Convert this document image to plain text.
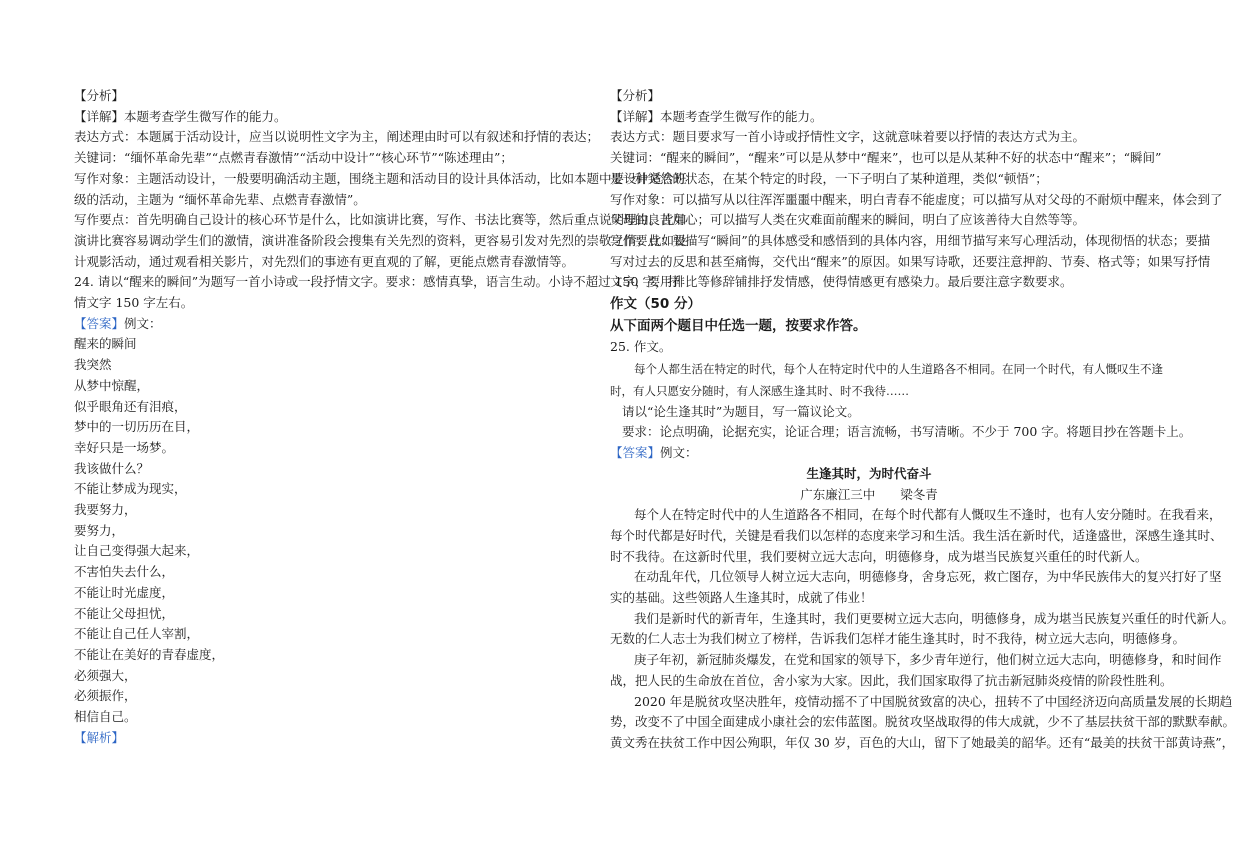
【分析】
【详解】本题考查学生微写作的能力。
表达方式：本题属于活动设计，应当以说明性文字为主，阐述理由时可以有叙述和抒情的表达；
关键词：“缅怀革命先辈”“点燃青春激情”“活动中设计”“核心环节”“陈述理由”；
写作对象：主题活动设计，一般要明确活动主题，围绕主题和活动目的设计具体活动，比如本题中要设计适合班
级的活动，主题为 “缅怀革命先辈、点燃青春激情”。
写作要点：首先明确自己设计的核心环节是什么，比如演讲比赛，写作、书法比赛等，然后重点说明理由。比如
演讲比赛容易调动学生们的激情，演讲准备阶段会搜集有关先烈的资料，更容易引发对先烈的崇敬之情；比如设
计观影活动，通过观看相关影片，对先烈们的事迹有更直观的了解，更能点燃青春激情等。
24. 请以“醒来的瞬间”为题写一首小诗或一段抒情文字。要求：感情真挚，语言生动。小诗不超过 150 字，抒
情文字 150 字左右。
【答案】例文：
醒来的瞬间
我突然
从梦中惊醒，
似乎眼角还有泪痕，
梦中的一切历历在目，
幸好只是一场梦。
我该做什么？
不能让梦成为现实，
我要努力，
要努力，
让自己变得强大起来，
不害怕失去什么，
不能让时光虚度，
不能让父母担忧，
不能让自己任人宰割，
不能让在美好的青春虚度，
必须强大，
必须振作，
相信自己。
【解析】
【分析】
【详解】本题考查学生微写作的能力。
表达方式：题目要求写一首小诗或抒情性文字，这就意味着要以抒情的表达方式为主。
关键词：“醒来的瞬间”，“醒来”可以是从梦中“醒来”，也可以是从某种不好的状态中“醒来”；“瞬间”
是一种突然的状态，在某个特定的时段，一下子明白了某种道理，类似“顿悟”；
写作对象：可以描写从以往浑浑噩噩中醒来，明白青春不能虚度；可以描写从对父母的不耐烦中醒来，体会到了
父母的良苦用心；可以描写人类在灾难面前醒来的瞬间，明白了应该善待大自然等等。
写作要点：要描写“瞬间”的具体感受和感悟到的具体内容，用细节描写来写心理活动，体现彻悟的状态；要描
写对过去的反思和甚至痛悔，交代出“醒来”的原因。如果写诗歌，还要注意押韵、节奏、格式等；如果写抒情
文字，要用排比等修辞铺排抒发情感，使得情感更有感染力。最后要注意字数要求。
作文（50 分）
从下面两个题目中任选一题，按要求作答。
25. 作文。
每个人都生活在特定的时代，每个人在特定时代中的人生道路各不相同。在同一个时代，有人慨叹生不逢
时，有人只愿安分随时，有人深感生逢其时、时不我待……
请以“论生逢其时”为题目，写一篇议论文。
要求：论点明确，论据充实，论证合理；语言流畅，书写清晰。不少于 700 字。将题目抄在答题卡上。
【答案】例文：
生逢其时，为时代奋斗
广东廉江三中　　梁冬青
每个人在特定时代中的人生道路各不相同，在每个时代都有人慨叹生不逢时，也有人安分随时。在我看来，
每个时代都是好时代，关键是看我们以怎样的态度来学习和生活。我生活在新时代，适逢盛世，深感生逢其时、
时不我待。在这新时代里，我们要树立远大志向，明德修身，成为堪当民族复兴重任的时代新人。
在动乱年代，几位领导人树立远大志向，明德修身，舍身忘死，救亡图存，为中华民族伟大的复兴打好了坚
实的基础。这些领路人生逢其时，成就了伟业！
我们是新时代的新青年，生逢其时，我们更要树立远大志向，明德修身，成为堪当民族复兴重任的时代新人。
无数的仁人志士为我们树立了榜样，告诉我们怎样才能生逢其时，时不我待，树立远大志向，明德修身。
庚子年初，新冠肺炎爆发，在党和国家的领导下，多少青年逆行，他们树立远大志向，明德修身，和时间作
战，把人民的生命放在首位，舍小家为大家。因此，我们国家取得了抗击新冠肺炎疫情的阶段性胜利。
2020 年是脱贫攻坚决胜年，疫情动摇不了中国脱贫致富的决心，扭转不了中国经济迈向高质量发展的长期趋
势，改变不了中国全面建成小康社会的宏伟蓝图。脱贫攻坚战取得的伟大成就，少不了基层扶贫干部的默默奉献。
黄文秀在扶贫工作中因公殉职，年仅 30 岁，百色的大山，留下了她最美的韶华。还有“最美的扶贫干部黄诗燕”，
